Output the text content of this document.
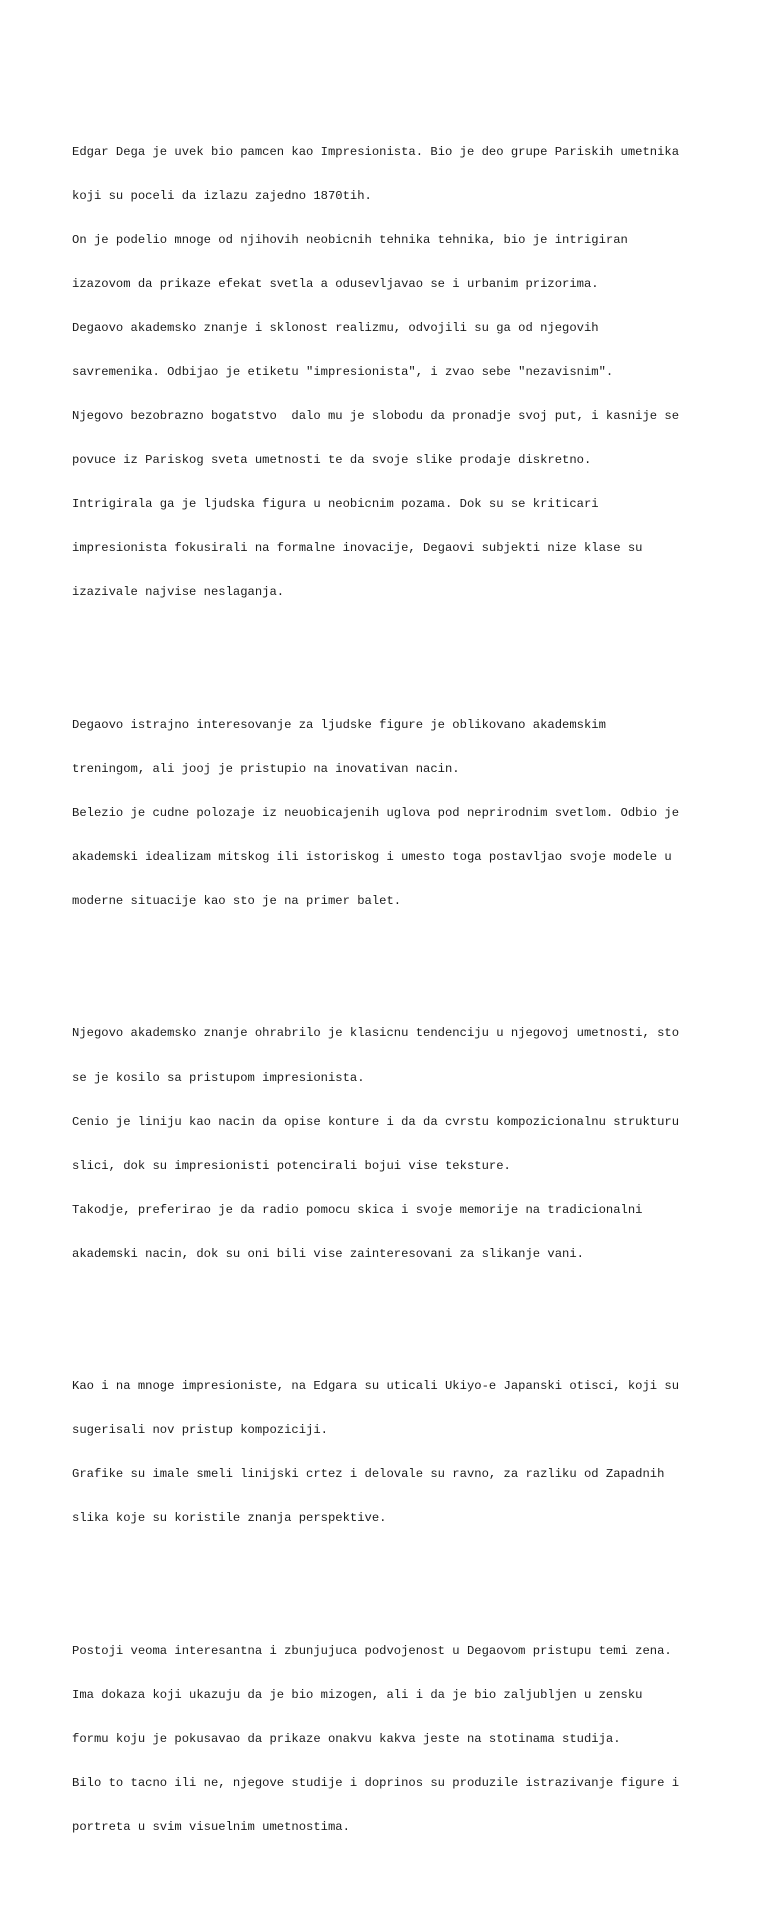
Edgar Dega je uvek bio pamcen kao Impresionista. Bio je deo grupe Pariskih umetnika

koji su poceli da izlazu zajedno 1870tih.

On je podelio mnoge od njihovih neobicnih tehnika tehnika, bio je intrigiran

izazovom da prikaze efekat svetla a odusevljavao se i urbanim prizorima.

Degaovo akademsko znanje i sklonost realizmu, odvojili su ga od njegovih

savremenika. Odbijao je etiketu "impresionista", i zvao sebe "nezavisnim".

Njegovo bezobrazno bogatstvo  dalo mu je slobodu da pronadje svoj put, i kasnije se

povuce iz Pariskog sveta umetnosti te da svoje slike prodaje diskretno.

Intrigirala ga je ljudska figura u neobicnim pozama. Dok su se kriticari

impresionista fokusirali na formalne inovacije, Degaovi subjekti nize klase su

izazivale najvise neslaganja.

Degaovo istrajno interesovanje za ljudske figure je oblikovano akademskim

treningom, ali jooj je pristupio na inovativan nacin.

Belezio je cudne polozaje iz neuobicajenih uglova pod neprirodnim svetlom. Odbio je

akademski idealizam mitskog ili istoriskog i umesto toga postavljao svoje modele u

moderne situacije kao sto je na primer balet.

Njegovo akademsko znanje ohrabrilo je klasicnu tendenciju u njegovoj umetnosti, sto

se je kosilo sa pristupom impresionista.

Cenio je liniju kao nacin da opise konture i da da cvrstu kompozicionalnu strukturu

slici, dok su impresionisti potencirali bojui vise teksture.

Takodje, preferirao je da radio pomocu skica i svoje memorije na tradicionalni

akademski nacin, dok su oni bili vise zainteresovani za slikanje vani.

Kao i na mnoge impresioniste, na Edgara su uticali Ukiyo-e Japanski otisci, koji su

sugerisali nov pristup kompoziciji.

Grafike su imale smeli linijski crtez i delovale su ravno, za razliku od Zapadnih

slika koje su koristile znanja perspektive.

Postoji veoma interesantna i zbunjujuca podvojenost u Degaovom pristupu temi zena.

Ima dokaza koji ukazuju da je bio mizogen, ali i da je bio zaljubljen u zensku

formu koju je pokusavao da prikaze onakvu kakva jeste na stotinama studija.

Bilo to tacno ili ne, njegove studije i doprinos su produzile istrazivanje figure i

portreta u svim visuelnim umetnostima.
